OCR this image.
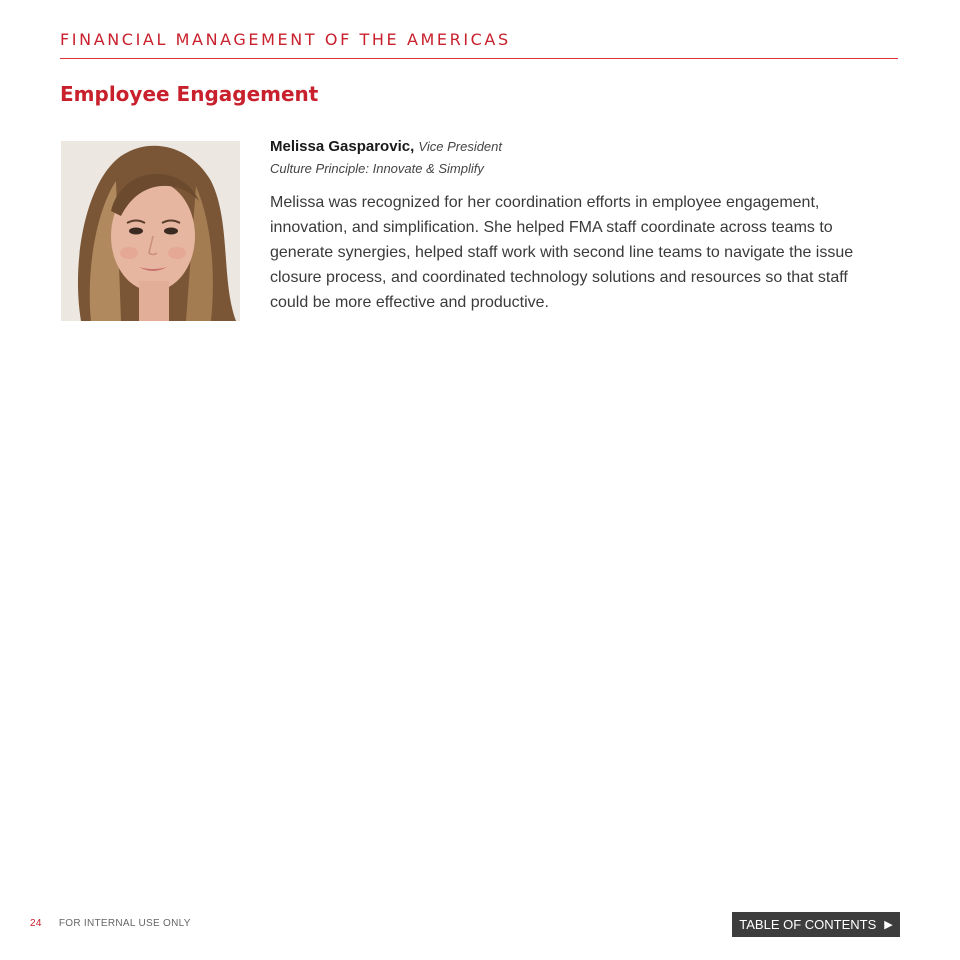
FINANCIAL MANAGEMENT OF THE AMERICAS
Employee Engagement
Melissa Gasparovic, Vice President
Culture Principle: Innovate & Simplify
Melissa was recognized for her coordination efforts in employee engagement, innovation, and simplification. She helped FMA staff coordinate across teams to generate synergies, helped staff work with second line teams to navigate the issue closure process, and coordinated technology solutions and resources so that staff could be more effective and productive.
24 FOR INTERNAL USE ONLY	TABLE OF CONTENTS ▶
